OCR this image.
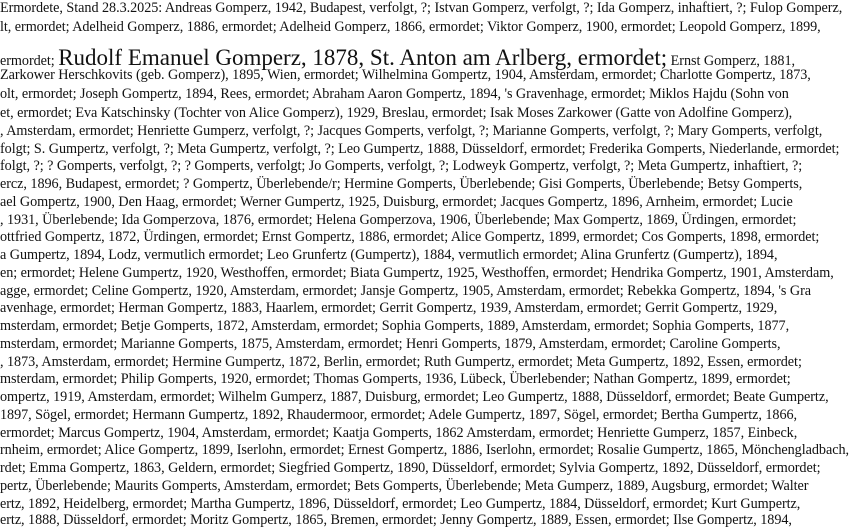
Ermordete, Stand 28.3.2025: Andreas Gomperz, 1942, Budapest, verfolgt, ?; Istvan Gomperz, verfolgt, ?; Ida Gomperz, inhaftiert, ?; Fulop Gomperz,
lt, ermordet; Adelheid Gomperz, 1886, ermordet; Adelheid Gomperz, 1866, ermordet; Viktor Gomperz, 1900, ermordet; Leopold Gomperz, 1899,
ermordet; Rudolf Emanuel Gomperz, 1878, St. Anton am Arlberg, ermordet; Ernst Gomperz, 1881,
Zarkower Herschkovits (geb. Gomperz), 1895, Wien, ermordet; Wilhelmina Gompertz, 1904, Amsterdam, ermordet; Charlotte Gompertz, 1873,
olt, ermordet; Joseph Gompertz, 1894, Rees, ermordet; Abraham Aaron Gompertz, 1894, 's Gravenhage, ermordet; Miklos Hajdu (Sohn von
et, ermordet; Eva Katschinsky (Tochter von Alice Gomperz), 1929, Breslau, ermordet; Isak Moses Zarkower (Gatte von Adolfine Gomperz),
, Amsterdam, ermordet; Henriette Gumperz, verfolgt, ?; Jacques Gomperts, verfolgt, ?; Marianne Gomperts, verfolgt, ?; Mary Gomperts, verfolgt,
folgt; S. Gumpertz, verfolgt, ?; Meta Gumpertz, verfolgt, ?; Leo Gumpertz, 1888, Düsseldorf, ermordet; Frederika Gomperts, Niederlande, ermordet;
folgt, ?; ? Gomperts, verfolgt, ?; ? Gomperts, verfolgt; Jo Gomperts, verfolgt, ?; Lodweyk Gompertz, verfolgt, ?; Meta Gumpertz, inhaftiert, ?;
ercz, 1896, Budapest, ermordet; ? Gompertz, Überlebende/r; Hermine Gomperts, Überlebende; Gisi Gomperts, Überlebende; Betsy Gomperts,
ael Gompertz, 1900, Den Haag, ermordet; Werner Gumpertz, 1925, Duisburg, ermordet; Jacques Gompertz, 1896, Arnheim, ermordet; Lucie
, 1931, Überlebende; Ida Gomperzova, 1876, ermordet; Helena Gomperzova, 1906, Überlebende; Max Gompertz, 1869, Ürdingen, ermordet;
ottfried Gompertz, 1872, Ürdingen, ermordet; Ernst Gompertz, 1886, ermordet; Alice Gompertz, 1899, ermordet; Cos Gomperts, 1898, ermordet;
a Gumpertz, 1894, Lodz, vermutlich ermordet; Leo Grunfertz (Gumpertz), 1884, vermutlich ermordet; Alina Grunfertz (Gumpertz), 1894,
en; ermordet; Helene Gumpertz, 1920, Westhoffen, ermordet; Biata Gumpertz, 1925, Westhoffen, ermordet; Hendrika Gompertz, 1901, Amsterdam,
agge, ermordet; Celine Gompertz, 1920, Amsterdam, ermordet; Jansje Gompertz, 1905, Amsterdam, ermordet; Rebekka Gompertz, 1894, 's Gra
avenhage, ermordet; Herman Gompertz, 1883, Haarlem, ermordet; Gerrit Gompertz, 1939, Amsterdam, ermordet; Gerrit Gompertz, 1929,
msterdam, ermordet; Betje Gomperts, 1872, Amsterdam, ermordet; Sophia Gomperts, 1889, Amsterdam, ermordet; Sophia Gomperts, 1877,
msterdam, ermordet; Marianne Gomperts, 1875, Amsterdam, ermordet; Henri Gomperts, 1879, Amsterdam, ermordet; Caroline Gomperts,
, 1873, Amsterdam, ermordet; Hermine Gumpertz, 1872, Berlin, ermordet; Ruth Gumpertz, ermordet; Meta Gumpertz, 1892, Essen, ermordet;
msterdam, ermordet; Philip Gomperts, 1920, ermordet; Thomas Gomperts, 1936, Lübeck, Überlebender; Nathan Gompertz, 1899, ermordet;
ompertz, 1919, Amsterdam, ermordet; Wilhelm Gumperz, 1887, Duisburg, ermordet; Leo Gumpertz, 1888, Düsseldorf, ermordet; Beate Gumpertz,
1897, Sögel, ermordet; Hermann Gumpertz, 1892, Rhaudermoor, ermordet; Adele Gumpertz, 1897, Sögel, ermordet; Bertha Gumpertz, 1866,
ermordet; Marcus Gompertz, 1904, Amsterdam, ermordet; Kaatja Gomperts, 1862 Amsterdam, ermordet; Henriette Gumperz, 1857, Einbeck,
rnheim, ermordet; Alice Gompertz, 1899, Iserlohn, ermordet; Ernest Gompertz, 1886, Iserlohn, ermordet; Rosalie Gumpertz, 1865, Mönchengladbach,
rdet; Emma Gompertz, 1863, Geldern, ermordet; Siegfried Gompertz, 1890, Düsseldorf, ermordet; Sylvia Gompertz, 1892, Düsseldorf, ermordet;
pertz, Überlebende; Maurits Gomperts, Amsterdam, ermordet; Bets Gomperts, Überlebende; Meta Gumperz, 1889, Augsburg, ermordet; Walter
ertz, 1892, Heidelberg, ermordet; Martha Gumpertz, 1896, Düsseldorf, ermordet; Leo Gumpertz, 1884, Düsseldorf, ermordet; Kurt Gumpertz,
ertz, 1888, Düsseldorf, ermordet; Moritz Gompertz, 1865, Bremen, ermordet; Jenny Gompertz, 1889, Essen, ermordet; Ilse Gompertz, 1894,
